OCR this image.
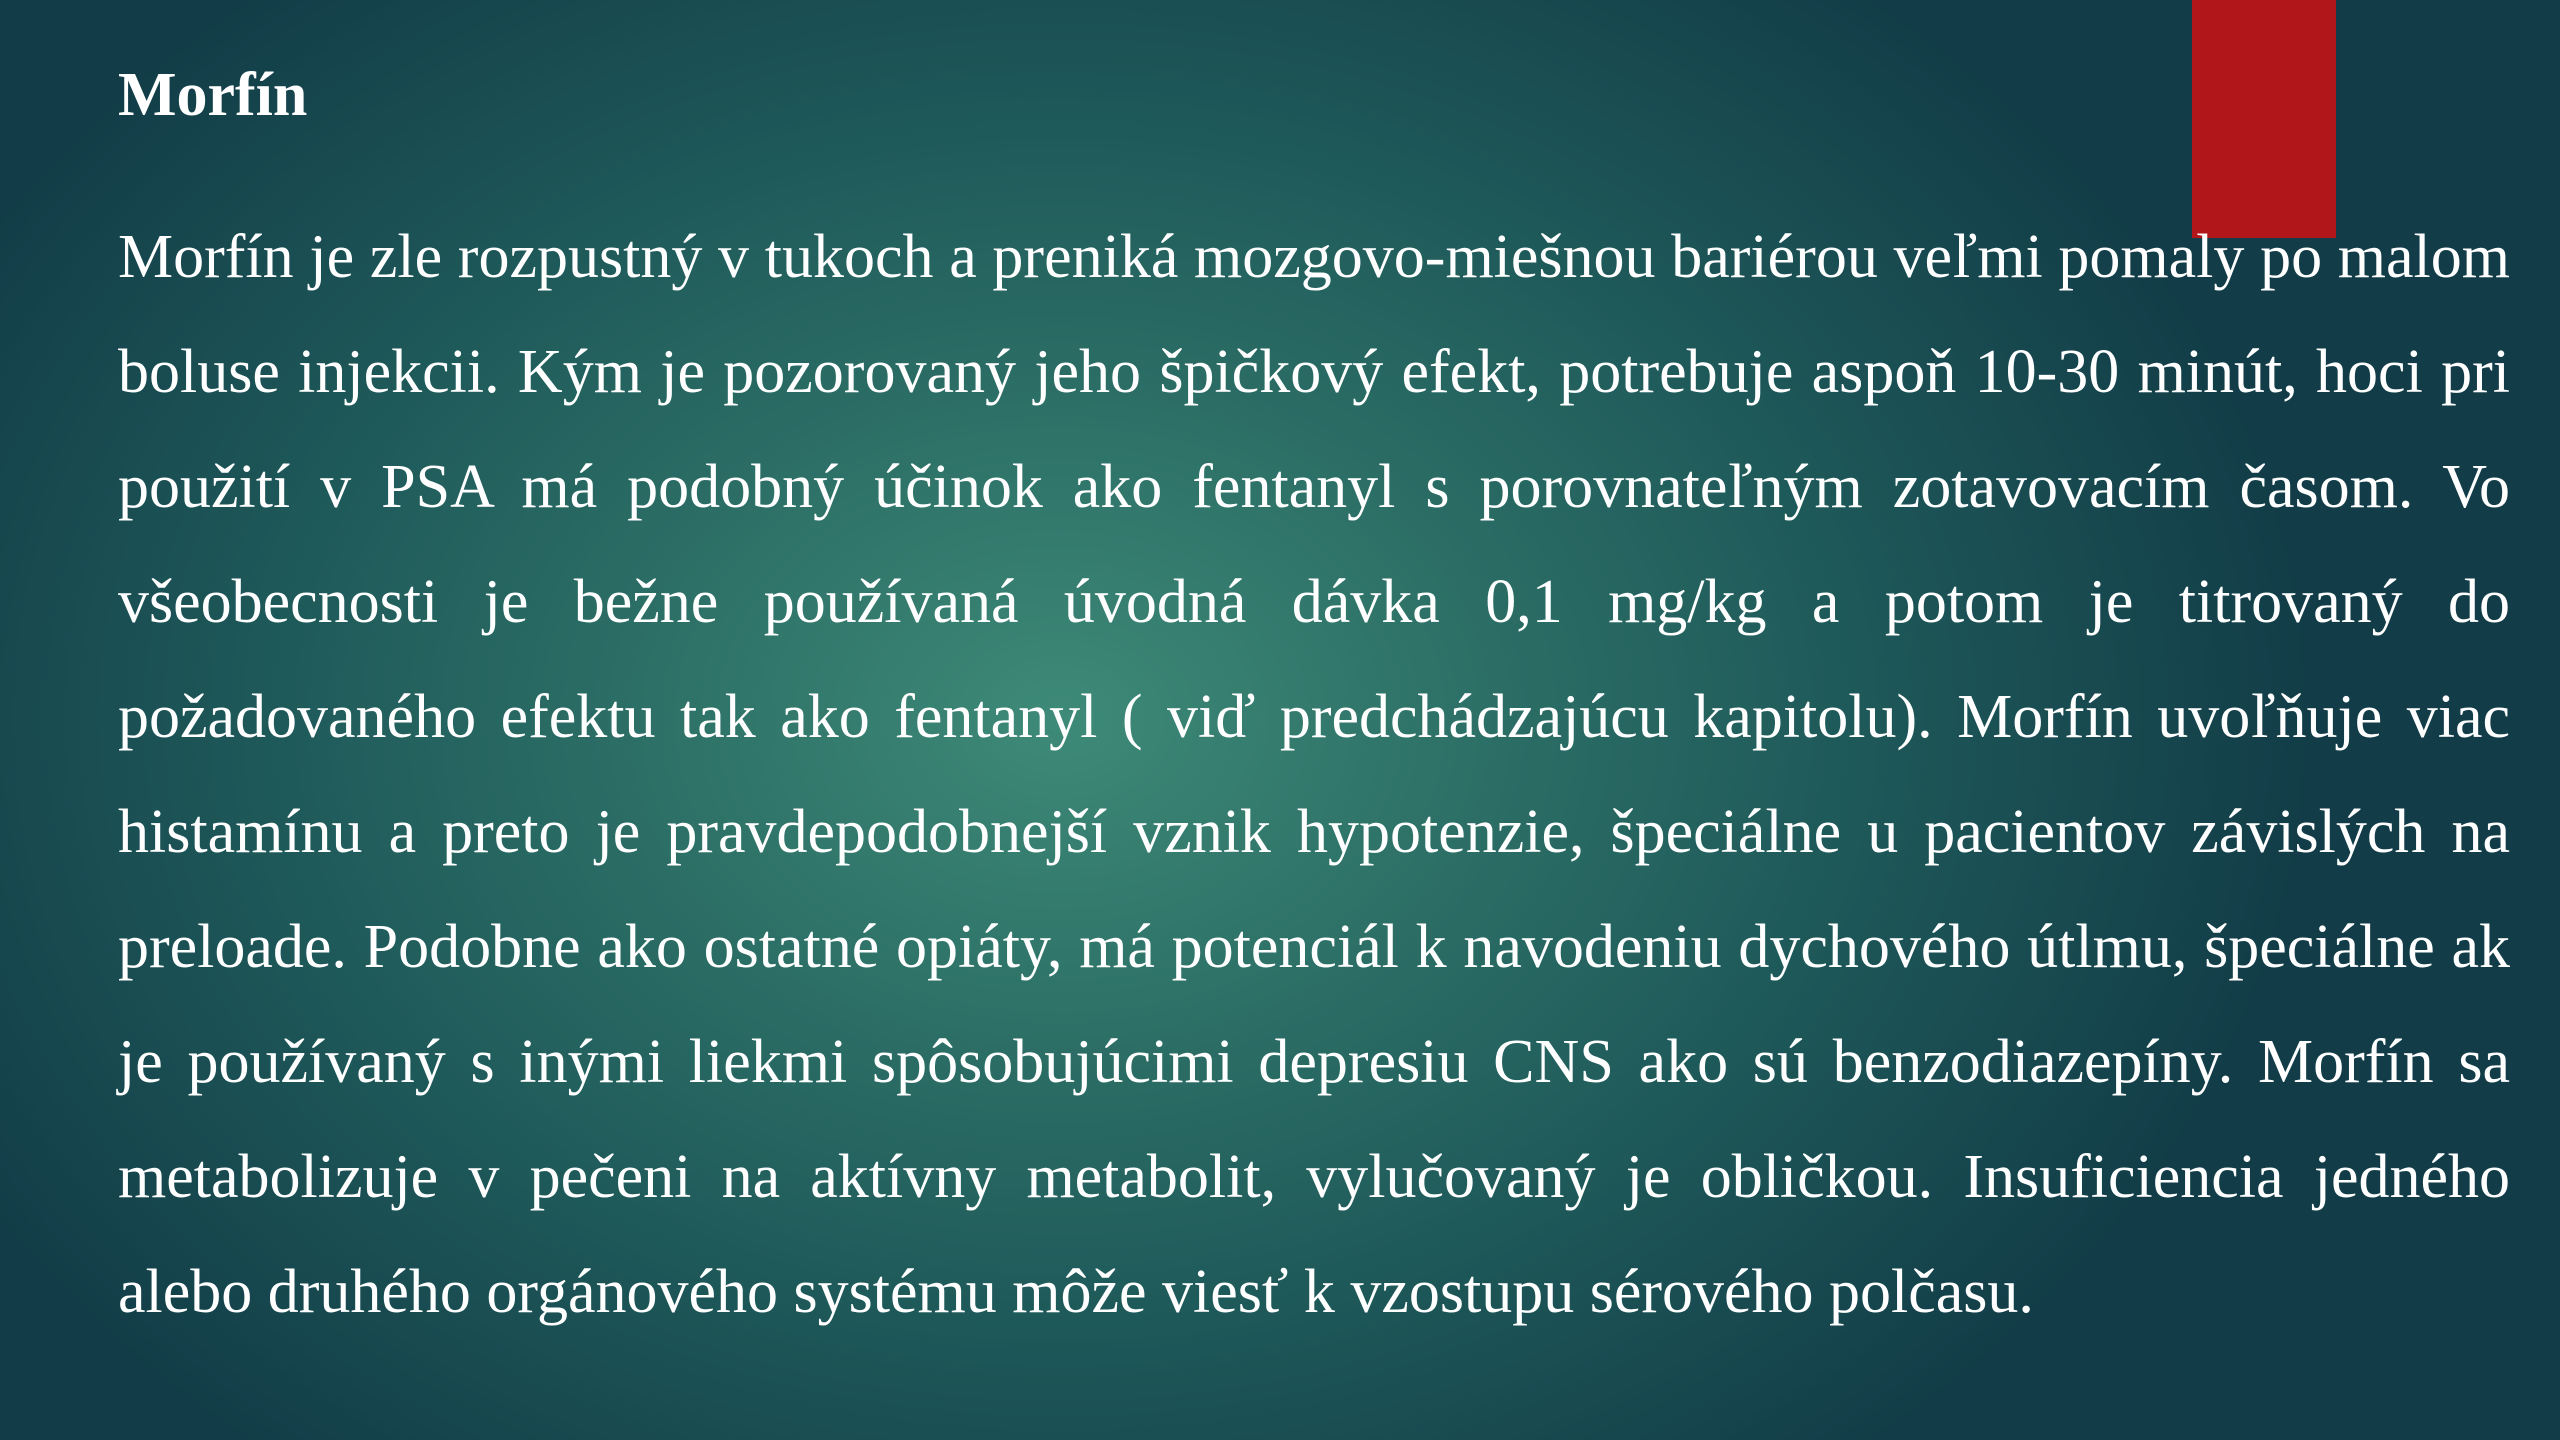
Morfín

Morfín je zle rozpustný v tukoch a preniká mozgovo-miešnou bariérou veľmi pomaly po malom boluse injekcii. Kým je pozorovaný jeho špičkový efekt, potrebuje aspoň 10-30 minút, hoci pri použití v PSA má podobný účinok ako fentanyl s porovnateľným zotavovacím časom. Vo všeobecnosti je bežne používaná úvodná dávka 0,1 mg/kg a potom je titrovaný do požadovaného efektu tak ako fentanyl ( viď predchádzajúcu kapitolu). Morfín uvoľňuje viac histamínu a preto je pravdepodobnejší vznik hypotenzie, špeciálne u pacientov závislých na preloade. Podobne ako ostatné opiáty, má potenciál k navodeniu dychového útlmu, špeciálne ak je používaný s inými liekmi spôsobujúcimi depresiu CNS ako sú benzodiazepíny. Morfín sa metabolizuje v pečeni na aktívny metabolit, vylučovaný je obličkou. Insuficiencia jedného alebo druhého orgánového systému môže viesť k vzostupu sérového polčasu.
